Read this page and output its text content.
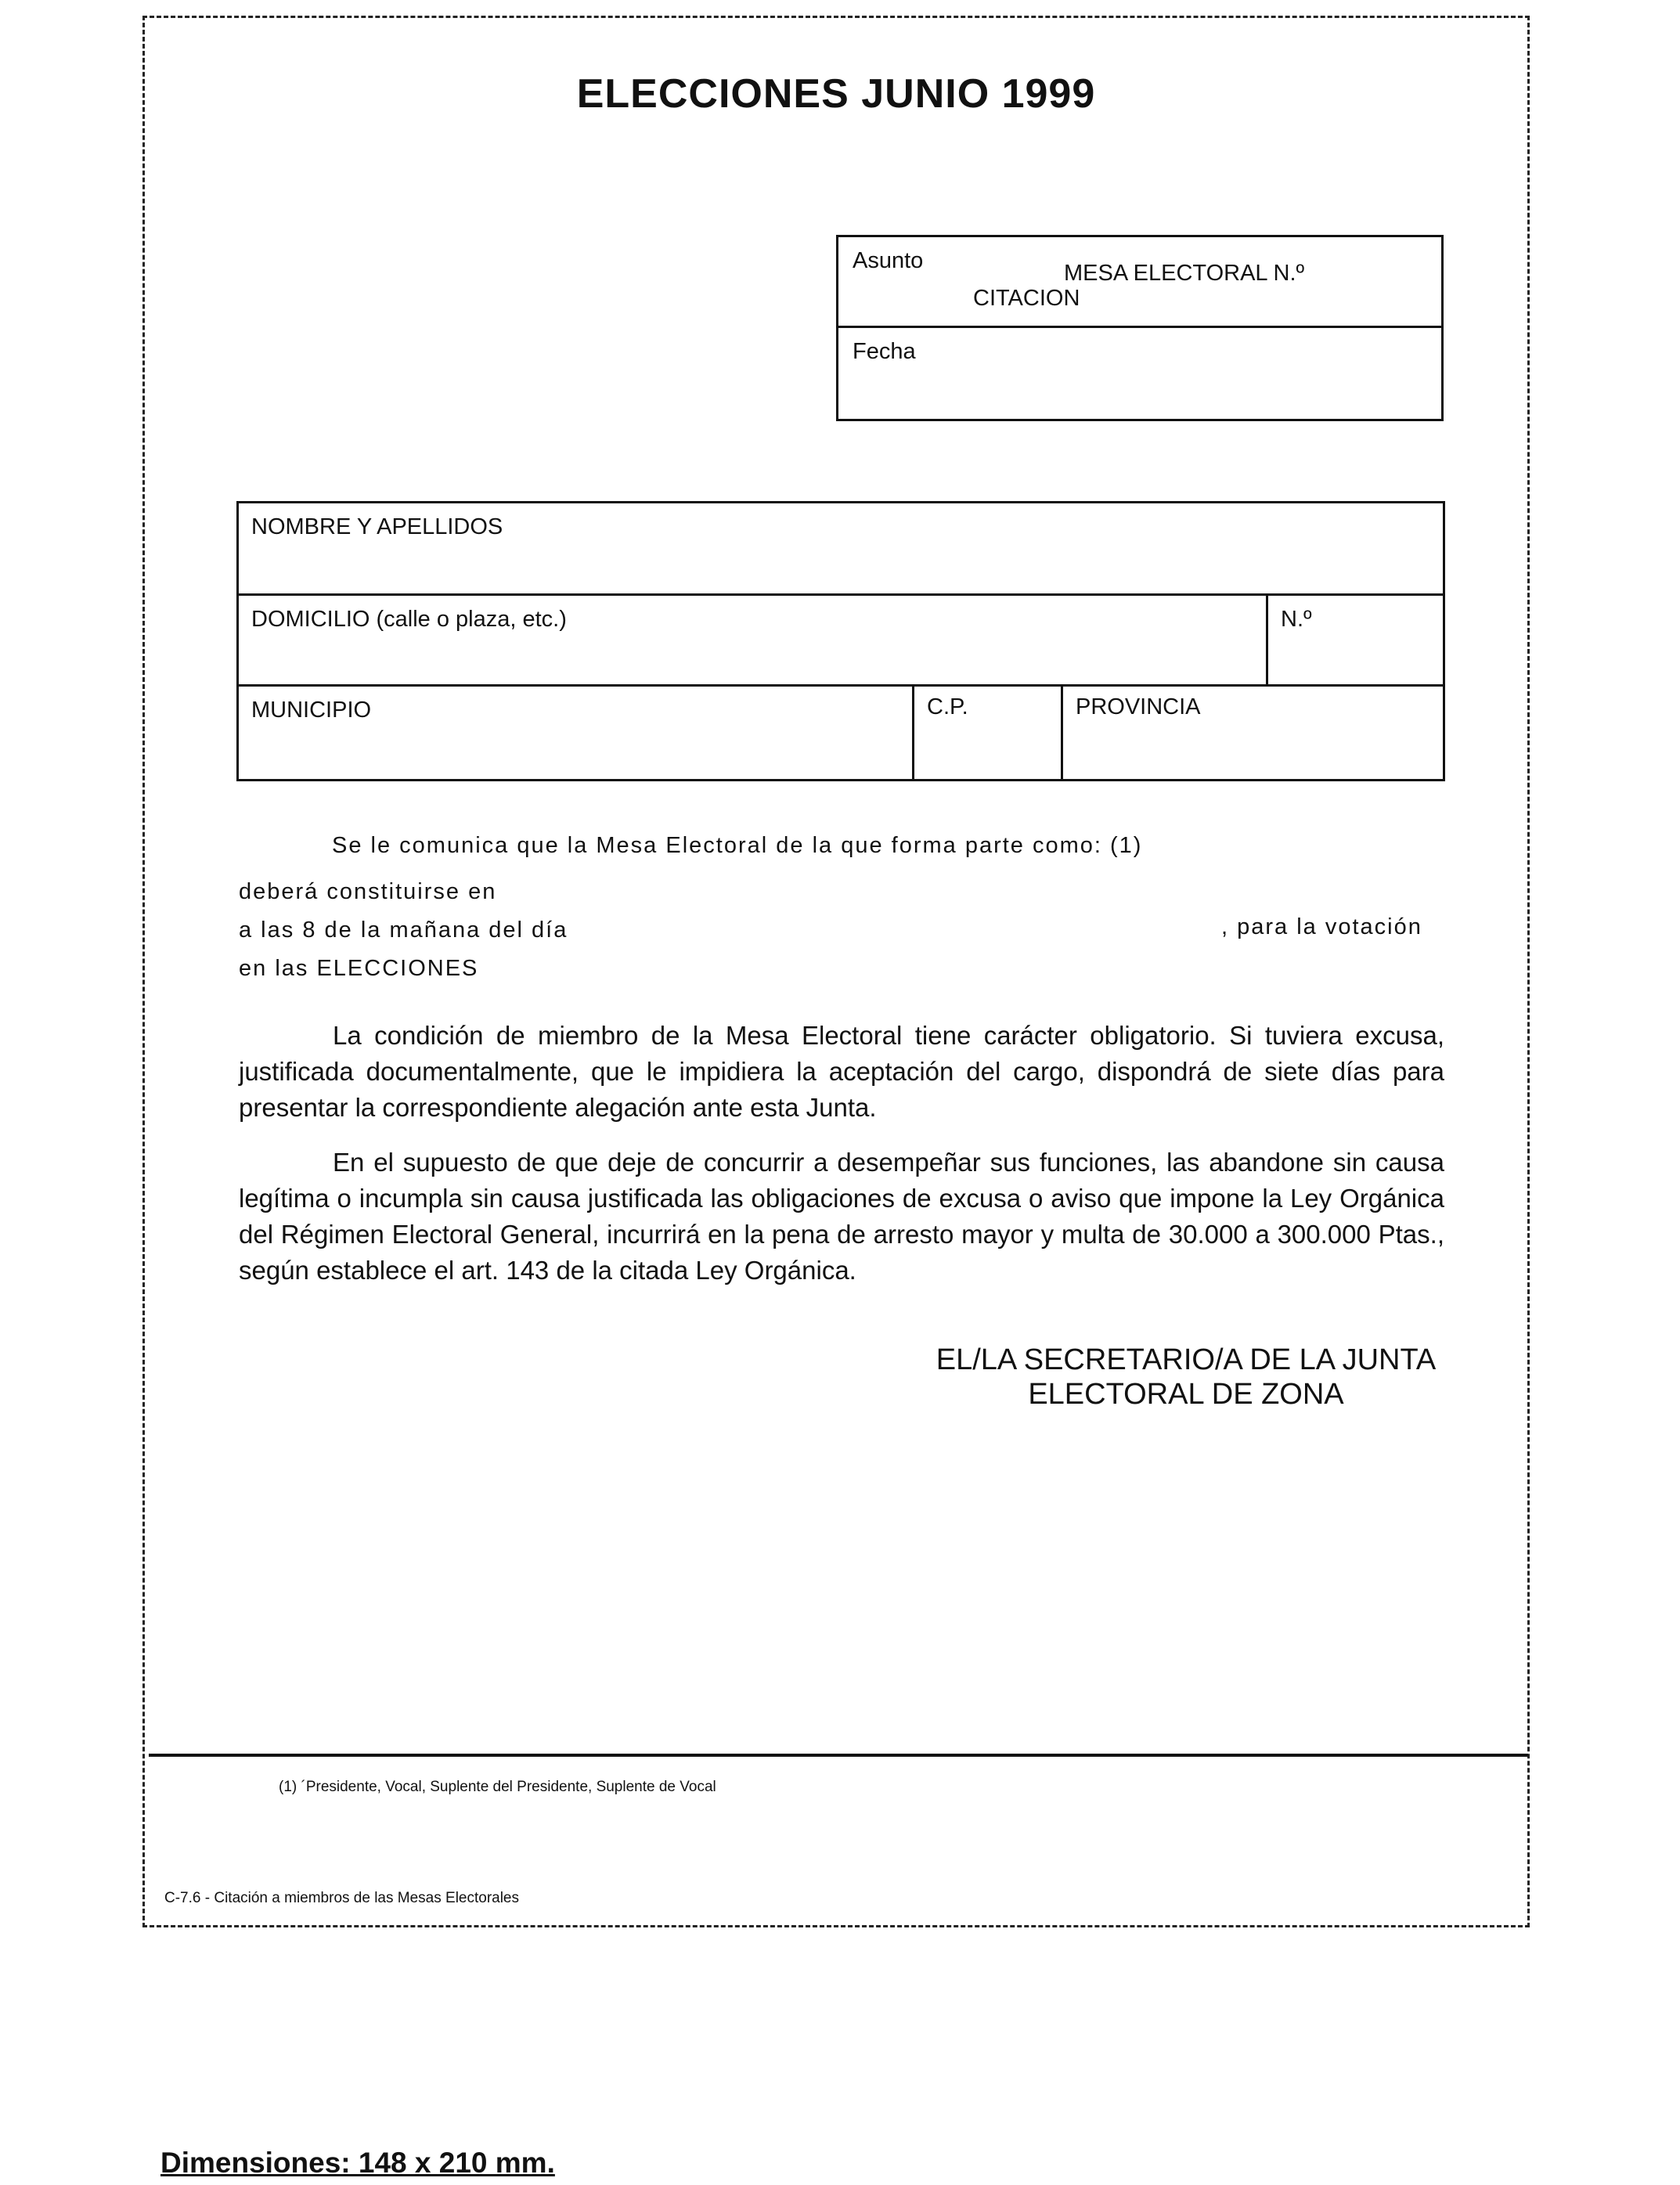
ELECCIONES JUNIO 1999
Asunto	MESA ELECTORAL N.º
CITACION
Fecha
NOMBRE Y APELLIDOS
DOMICILIO (calle o plaza, etc.)	N.º
MUNICIPIO	C.P.	PROVINCIA
Se le comunica que la Mesa Electoral de la que forma parte como: (1)
deberá constituirse en
a las 8 de la mañana del día	, para la votación
en las ELECCIONES
La condición de miembro de la Mesa Electoral tiene carácter obligatorio. Si tuviera excusa, justificada documentalmente, que le impidiera la aceptación del cargo, dispondrá de siete días para presentar la correspondiente alegación ante esta Junta.
En el supuesto de que deje de concurrir a desempeñar sus funciones, las abandone sin causa legítima o incumpla sin causa justificada las obligaciones de excusa o aviso que impone la Ley Orgánica del Régimen Electoral General, incurrirá en la pena de arresto mayor y multa de 30.000 a 300.000 Ptas., según establece el art. 143 de la citada Ley Orgánica.
EL/LA SECRETARIO/A DE LA JUNTA
ELECTORAL DE ZONA
(1) ´Presidente, Vocal, Suplente del Presidente, Suplente de Vocal
C-7.6 - Citación a miembros de las Mesas Electorales
Dimensiones: 148 x 210 mm.
